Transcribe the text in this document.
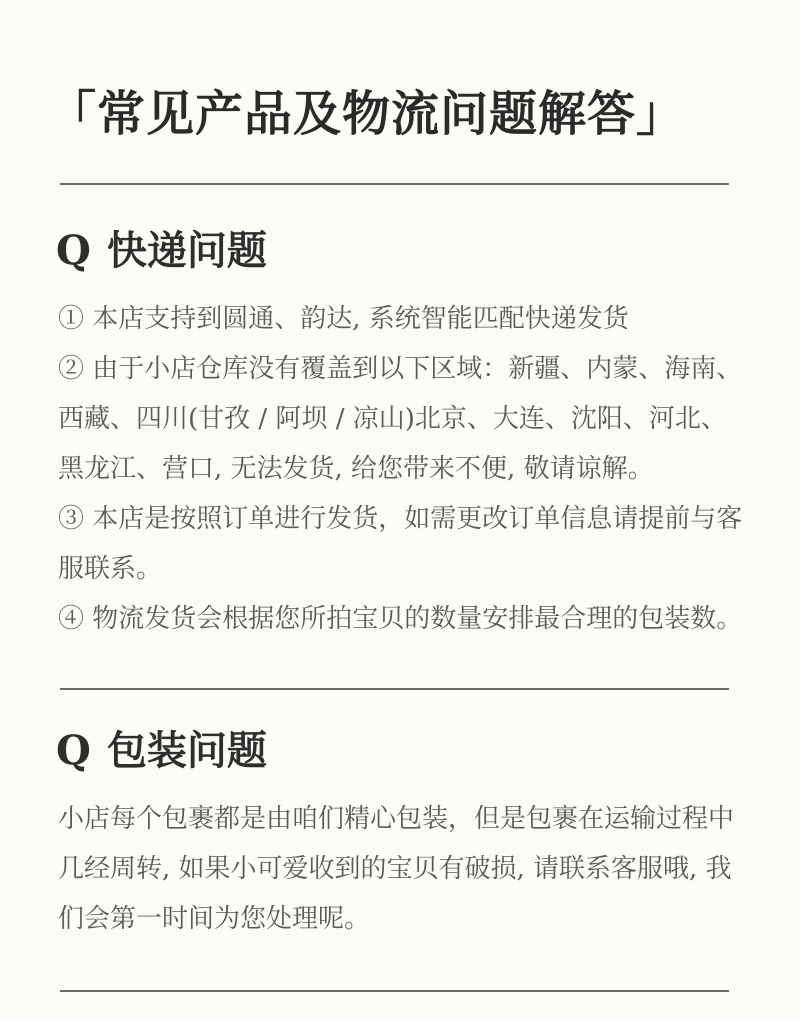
「常见产品及物流问题解答」
Q 快递问题

① 本店支持到圆通、韵达, 系统智能匹配快递发货

② 由于小店仓库没有覆盖到以下区域：新疆、内蒙、海南、西藏、四川(甘孜 / 阿坝 / 凉山)北京、大连、沈阳、河北、黑龙江、营口, 无法发货, 给您带来不便, 敬请谅解。

③ 本店是按照订单进行发货，如需更改订单信息请提前与客服联系。

④ 物流发货会根据您所拍宝贝的数量安排最合理的包装数。

Q 包装问题

小店每个包裹都是由咱们精心包装，但是包裹在运输过程中几经周转, 如果小可爱收到的宝贝有破损, 请联系客服哦, 我们会第一时间为您处理呢。
